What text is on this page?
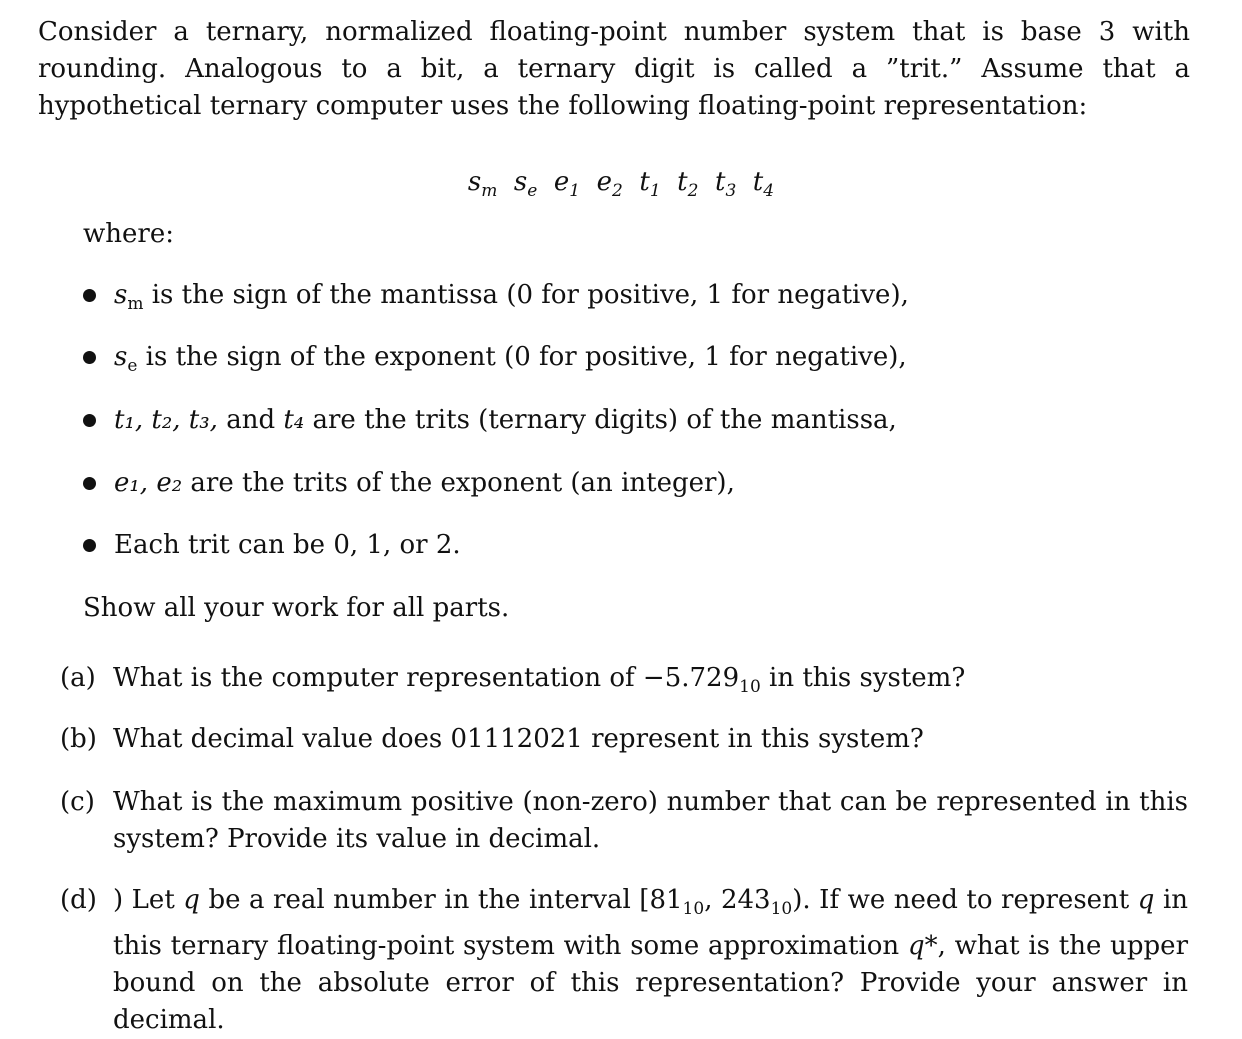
Consider a ternary, normalized floating-point number system that is base 3 with rounding. Analogous to a bit, a ternary digit is called a ”trit.” Assume that a hypothetical ternary computer uses the following floating-point representation:
$s_m$ $s_e$ $e_1$ $e_2$ $t_1$ $t_2$ $t_3$ $t_4$
where:
$s_m$ is the sign of the mantissa (0 for positive, 1 for negative),
$s_e$ is the sign of the exponent (0 for positive, 1 for negative),
t₁, t₂, t₃, and t₄ are the trits (ternary digits) of the mantissa,
e₁, e₂ are the trits of the exponent (an integer),
Each trit can be 0, 1, or 2.
Show all your work for all parts.
(a) What is the computer representation of $-5.729_{10}$ in this system?
(b) What decimal value does 01112021 represent in this system?
(c) What is the maximum positive (non-zero) number that can be represented in this system? Provide its value in decimal.
(d) ) Let q be a real number in the interval [$81_{10}$, $243_{10}$). If we need to represent q in this ternary floating-point system with some approximation q*, what is the upper bound on the absolute error of this representation? Provide your answer in decimal.
